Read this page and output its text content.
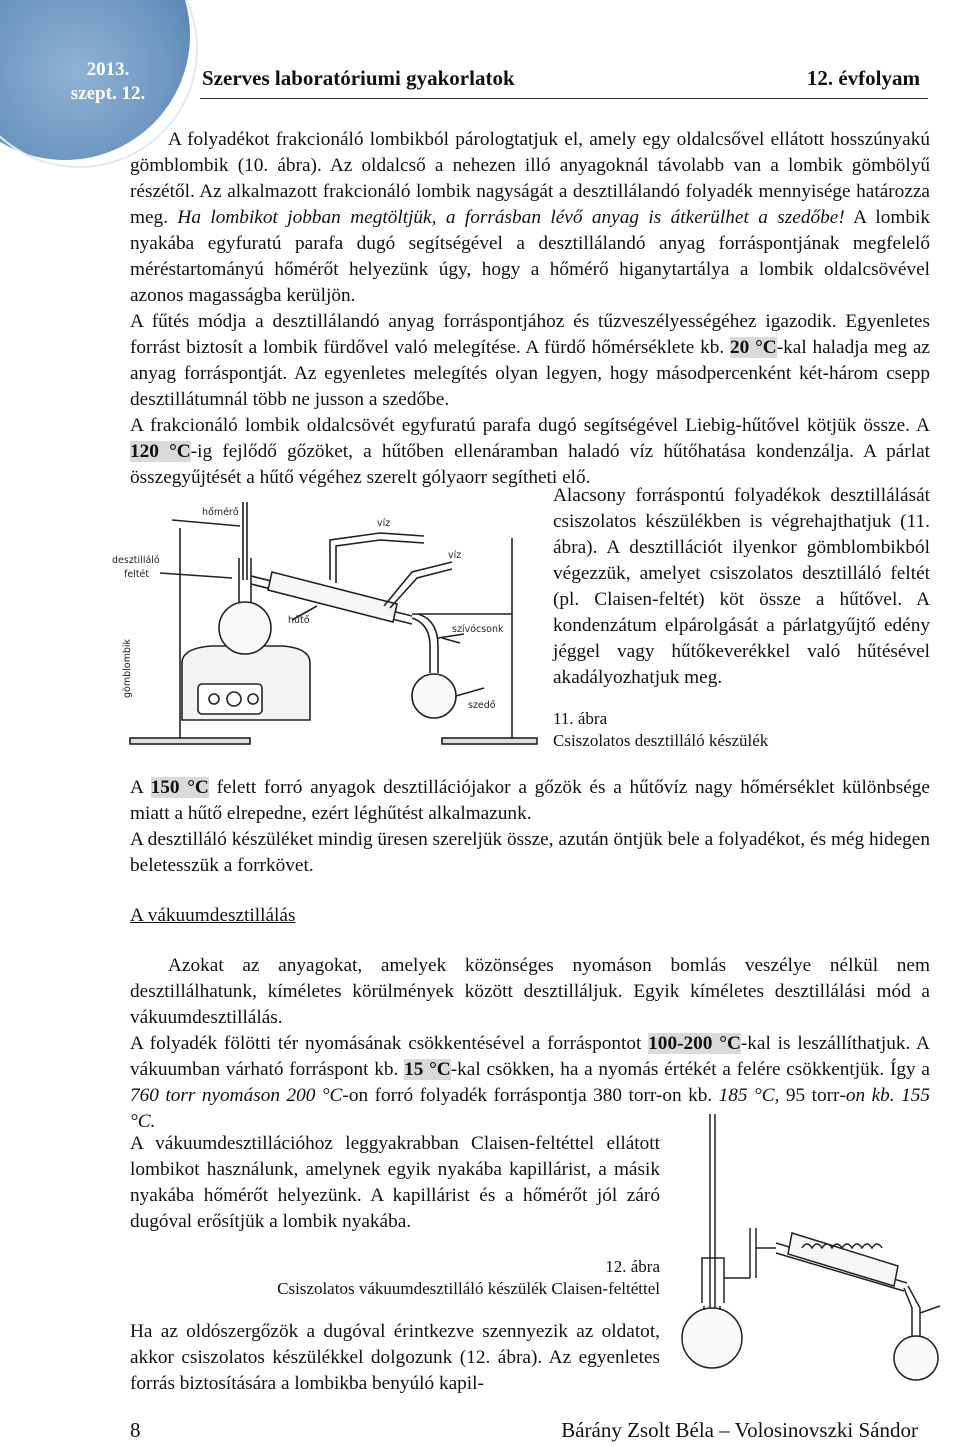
2013.
szept. 12.
Szerves laboratóriumi gyakorlatok	12. évfolyam
A folyadékot frakcionáló lombikból párologtatjuk el, amely egy oldalcsővel ellátott hosszúnyakú gömblombik (10. ábra). Az oldalcső a nehezen illó anyagoknál távolabb van a lombik gömbölyű részétől. Az alkalmazott frakcionáló lombik nagyságát a desztillálandó folyadék mennyisége határozza meg. Ha lombikot jobban megtöltjük, a forrásban lévő anyag is átkerülhet a szedőbe! A lombik nyakába egyfuratú parafa dugó segítségével a desztillálandó anyag forráspontjának megfelelő méréstartományú hőmérőt helyezünk úgy, hogy a hőmérő higanytartálya a lombik oldalcsövével azonos magasságba kerüljön.
A fűtés módja a desztillálandó anyag forráspontjához és tűzveszélyességéhez igazodik. Egyenletes forrást biztosít a lombik fürdővel való melegítése. A fürdő hőmérséklete kb. 20 °C-kal haladja meg az anyag forráspontját. Az egyenletes melegítés olyan legyen, hogy másodpercenként két-három csepp desztillátumnál több ne jusson a szedőbe.
A frakcionáló lombik oldalcsövét egyfuratú parafa dugó segítségével Liebig-hűtővel kötjük össze. A 120 °C-ig fejlődő gőzöket, a hűtőben ellenáramban haladó víz hűtőhatása kondenzálja. A párlat összegyűjtését a hűtő végéhez szerelt gólyaorr segítheti elő.
Alacsony forráspontú folyadékok desztillálását csiszolatos készülékben is végrehajthatjuk (11. ábra). A desztillációt ilyenkor gömblombikból végezzük, amelyet csiszolatos desztilláló feltét (pl. Claisen-feltét) köt össze a hűtővel. A kondenzátum elpárolgását a párlatgyűjtő edény jéggel vagy hűtőkeverékkel való hűtésével akadályozhatjuk meg.
hőmérő
desztilláló
feltét
víz
víz
hűtő
szívócsonk
szedő
gömblombik
11. ábra
Csiszolatos desztilláló készülék
A 150 °C felett forró anyagok desztillációjakor a gőzök és a hűtővíz nagy hőmérséklet különbsége miatt a hűtő elrepedne, ezért léghűtést alkalmazunk.
A desztilláló készüléket mindig üresen szereljük össze, azután öntjük bele a folyadékot, és még hidegen beletesszük a forrkövet.
A vákuumdesztillálás
Azokat az anyagokat, amelyek közönséges nyomáson bomlás veszélye nélkül nem desztillálhatunk, kíméletes körülmények között desztilláljuk. Egyik kíméletes desztillálási mód a vákuumdesztillálás.
A folyadék fölötti tér nyomásának csökkentésével a forráspontot 100-200 °C-kal is leszállíthatjuk. A vákuumban várható forráspont kb. 15 °C-kal csökken, ha a nyomás értékét a felére csökkentjük. Így a 760 torr nyomáson 200 °C-on forró folyadék forráspontja 380 torr-on kb. 185 °C, 95 torr-on kb. 155 °C.
A vákuumdesztillációhoz leggyakrabban Claisen-feltéttel ellátott lombikot használunk, amelynek egyik nyakába kapillárist, a másik nyakába hőmérőt helyezünk. A kapillárist és a hőmérőt jól záró dugóval erősítjük a lombik nyakába.
12. ábra
Csiszolatos vákuumdesztilláló készülék Claisen-feltéttel
Ha az oldószergőzök a dugóval érintkezve szennyezik az oldatot, akkor csiszolatos készülékkel dolgozunk (12. ábra). Az egyenletes forrás biztosítására a lombikba benyúló kapil-
8	Bárány Zsolt Béla – Volosinovszki Sándor
